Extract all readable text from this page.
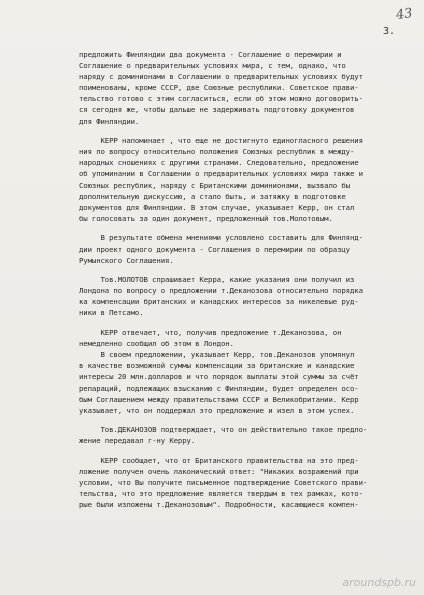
43
3.
предложить Финляндии два документа - Соглашение о перемирии и
Соглашение о предварительных условиях мира, с тем, однако, что
наряду с доминионами в Соглашении о предварительных условиях будут
поименованы, кроме СССР, две Союзные республики. Советское прави-
тельство готово с этим согласиться, если об этом можно договорить-
ся сегодня же, чтобы дальше не задерживать подготовку документов
для Финляндии.
КЕРР напоминает , что еще не достигнуто единогласного решения
ния по вопросу относительно положения Союзных республик в между-
народных сношениях с другими странами. Следовательно, предложение
об упоминании в Соглашении о предварительных условиях мира также и
Союзных республик, наряду с Британскими доминионами, вызвало бы
дополнительную дискуссию, а стало быть, и затяжку в подготовке
документов для Финляндии. В этом случае, указывает Керр, он стал
бы голосовать за один документ, предложенный тов.Молотовым.
В результате обмена мнениями условлено составить для Финлянд-
дии проект одного документа - Соглашения о перемирии по образцу
Румынского Соглашения.
Тов.МОЛОТОВ спрашивает Керра, какие указания они получил из
Лондона по вопросу о предложении т.Деканозова относительно порядка
ка компенсации британских и канадских интересов за никелевые руд-
ники в Петсамо.
КЕРР отвечает, что, получив предложение т.Деканозова, он
немедленно сообщил об этом в Лондон.
В своем предложении, указывает Керр, тов.Деканозов упомянул
в качестве возможной суммы компенсации за британские и канадские
интересы 20 млн.долларов и что порядок выплаты этой суммы за счёт
репараций, подлежащих взысканию с Финляндии, будет определен осо-
бым Соглашением между правительствами СССР и Великобритании. Керр
указывает, что он поддержал это предложение и изел в этом успех.
Тов.ДЕКАНОЗОВ подтверждает, что он действительно такое предло-
жение передавал г-ну Керру.
КЕРР сообщает, что от Британского правительства на это пред-
ложение получен очень лаконический ответ: "Никаких возражений при
условии, что Вы получите письменное подтверждение Советского прави-
тельства, что это предложение является твердым в тех рамках, кото-
рые были изложены т.Деканозовым". Подробности, касающиеся компен-
aroundspb.ru
